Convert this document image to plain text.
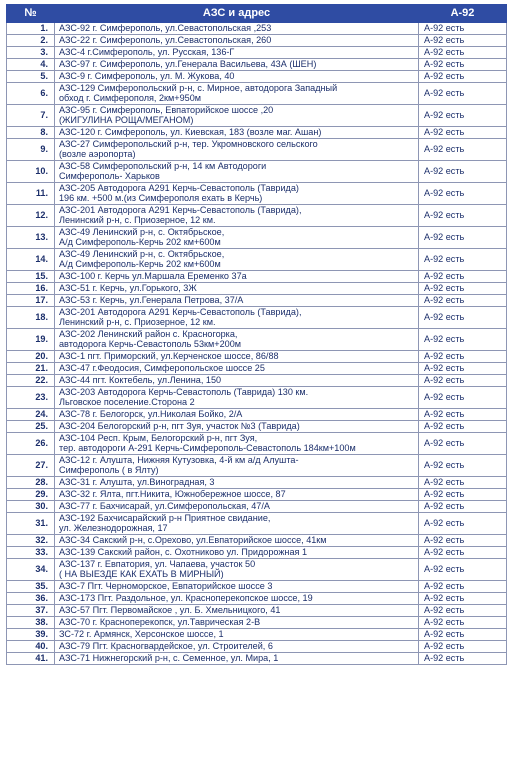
№	АЗС и адрес	А-92
1.	АЗС-92 г. Симферополь, ул.Севастопольская ,253	А-92 есть
2.	АЗС-22 г. Симферополь, ул.Севастопольская, 260	А-92 есть
3.	АЗС-4 г.Симферополь, ул. Русская, 136-Г	А-92 есть
4.	АЗС-97 г. Симферополь, ул.Генерала Васильева, 43А (ШЕН)	А-92 есть
5.	АЗС-9 г. Симферополь, ул. М. Жукова, 40	А-92 есть
6.	АЗС-129 Симферопольский р-н, с. Мирное, автодорога Западный
обход г. Симферополя, 2км+950м	А-92 есть
7.	АЗС-95 г. Симферополь, Евпаторийское шоссе ,20
(ЖИГУЛИНА РОЩА/МЕГАНОМ)	А-92 есть
8.	АЗС-120 г. Симферополь, ул. Киевская, 183 (возле маг. Ашан)	А-92 есть
9.	АЗС-27 Симферопольский р-н, тер. Укромновского сельского
(возле аэропорта)	А-92 есть
10.	АЗС-58 Симферопольский р-н, 14 км Автодороги
Симферополь- Харьков	А-92 есть
11.	АЗС-205 Автодорога А291 Керчь-Севастополь (Таврида)
196 км. +500 м.(из Симферополя ехать в Керчь)	А-92 есть
12.	АЗС-201 Автодорога А291 Керчь-Севастополь (Таврида),
Ленинский р-н, с. Приозерное, 12 км.	А-92 есть
13.	АЗС-49 Ленинский р-н, с. Октябрьское,
А/д Симферополь-Керчь 202 км+600м	А-92 есть
14.	АЗС-49 Ленинский р-н, с. Октябрьское,
А/д Симферополь-Керчь 202 км+600м	А-92 есть
15.	АЗС-100 г. Керчь ул.Маршала Еременко 37а	А-92 есть
16.	АЗС-51 г. Керчь, ул.Горького, 3Ж	А-92 есть
17.	АЗС-53 г. Керчь, ул.Генерала Петрова, 37/А	А-92 есть
18.	АЗС-201 Автодорога А291 Керчь-Севастополь (Таврида),
Ленинский р-н, с. Приозерное, 12 км.	А-92 есть
19.	АЗС-202 Ленинский район с. Красногорка,
автодорога Керчь-Севастополь 53км+200м	А-92 есть
20.	АЗС-1 пгт. Приморский, ул.Керченское шоссе, 86/88	А-92 есть
21.	АЗС-47 г.Феодосия, Симферопольское шоссе 25	А-92 есть
22.	АЗС-44 пгт. Коктебель, ул.Ленина, 150	А-92 есть
23.	АЗС-203 Автодорога Керчь-Севастополь (Таврида) 130 км.
Льговское поселение.Сторона 2	А-92 есть
24.	АЗС-78 г. Белогорск, ул.Николая Бойко, 2/А	А-92 есть
25.	АЗС-204 Белогорский р-н, пгт Зуя, участок №3 (Таврида)	А-92 есть
26.	АЗС-104 Респ. Крым, Белогорский р-н, пгт Зуя,
тер. автодороги А-291 Керчь-Симферополь-Севастополь 184км+100м	А-92 есть
27.	АЗС-12 г. Алушта, Нижняя Кутузовка, 4-й км а/д Алушта-
Симферополь ( в Ялту)	А-92 есть
28.	АЗС-31 г. Алушта, ул.Виноградная, 3	А-92 есть
29.	АЗС-32 г. Ялта, пгт.Никита, Южнобережное шоссе, 87	А-92 есть
30.	АЗС-77 г. Бахчисарай, ул.Симферопольская, 47/А	А-92 есть
31.	АЗС-192 Бахчисарайский р-н Приятное свидание,
ул. Железнодорожная, 17	А-92 есть
32.	АЗС-34 Сакский р-н, с.Орехово, ул.Евпаторийское шоссе, 41км	А-92 есть
33.	АЗС-139 Сакский район, с. Охотниково ул. Придорожная 1	А-92 есть
34.	АЗС-137 г. Евпатория, ул. Чапаева, участок 50
( НА ВЫЕЗДЕ КАК ЕХАТЬ В МИРНЫЙ)	А-92 есть
35.	АЗС-7 Пгт. Черноморское, Евпаторийское шоссе 3	А-92 есть
36.	АЗС-173 Пгт. Раздольное, ул. Красноперекопское шоссе, 19	А-92 есть
37.	АЗС-57 Пгт. Первомайское , ул. Б. Хмельницкого, 41	А-92 есть
38.	АЗС-70 г. Красноперекопск, ул.Таврическая 2-В	А-92 есть
39.	ЗС-72 г. Армянск, Херсонское шоссе, 1	А-92 есть
40.	АЗС-79 Пгт. Красногвардейское, ул. Строителей, 6	А-92 есть
41.	АЗС-71 Нижнегорский р-н, с. Семенное, ул. Мира, 1	А-92 есть
